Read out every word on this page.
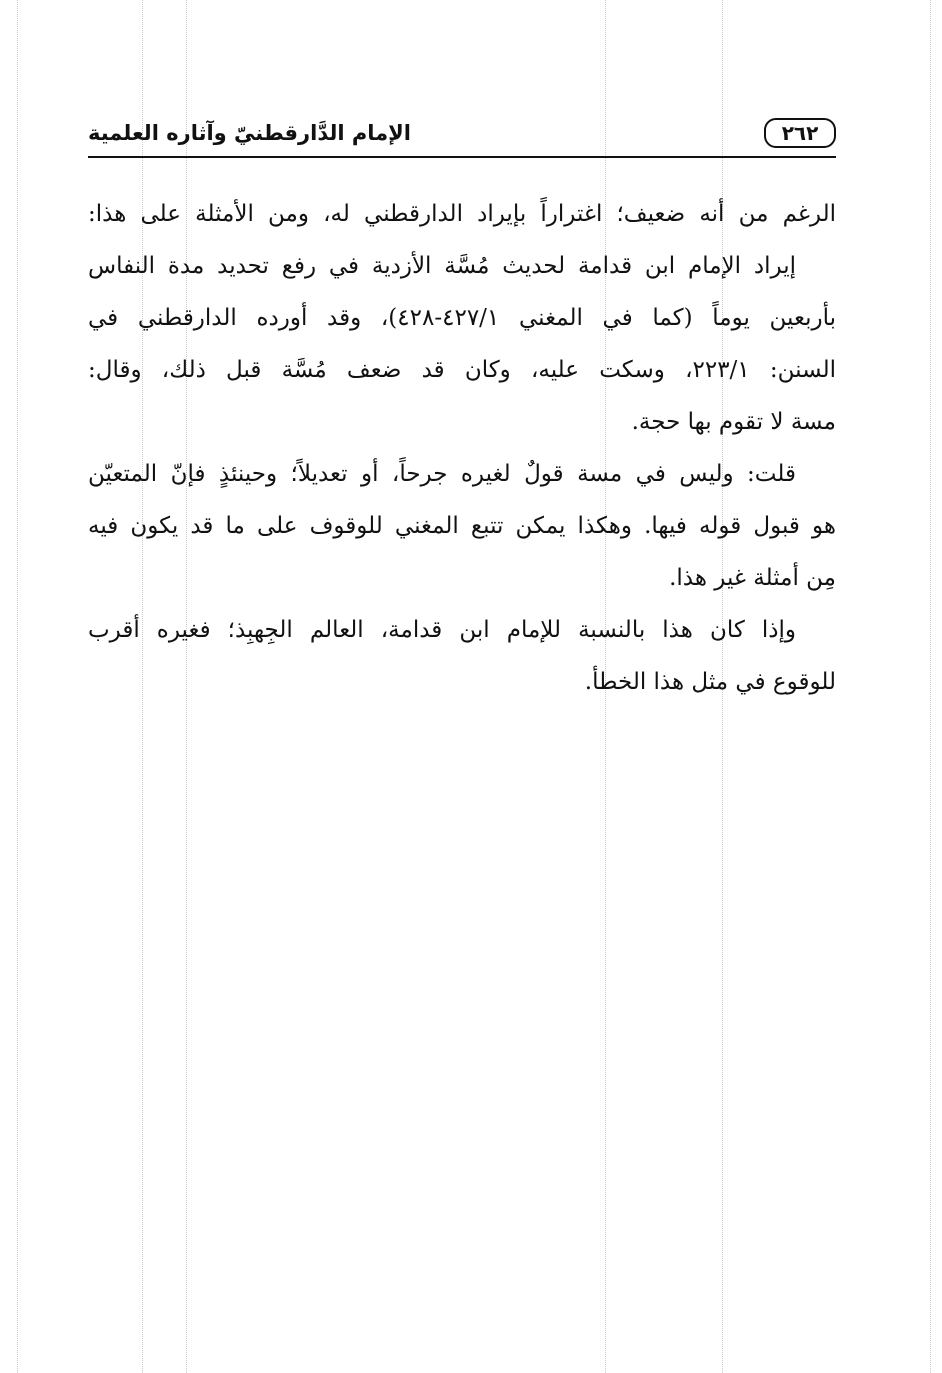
٢٦٢
الإمام الدَّارقطنيّ وآثاره العلمية
الرغم من أنه ضعيف؛ اغتراراً بإيراد الدارقطني له، ومن الأمثلة على هذا:
إيراد الإمام ابن قدامة لحديث مُسَّة الأزدية في رفع تحديد مدة النفاس
بأربعين يوماً (كما في المغني ٤٢٧/١-٤٢٨)، وقد أورده الدارقطني في
السنن: ٢٢٣/١، وسكت عليه، وكان قد ضعف مُسَّة قبل ذلك، وقال:
مسة لا تقوم بها حجة.
قلت: وليس في مسة قولٌ لغيره جرحاً، أو تعديلاً؛ وحينئذٍ فإنّ المتعيّن
هو قبول قوله فيها. وهكذا يمكن تتبع المغني للوقوف على ما قد يكون فيه
مِن أمثلة غير هذا.
وإذا كان هذا بالنسبة للإمام ابن قدامة، العالم الجِهبِذ؛ فغيره أقرب
للوقوع في مثل هذا الخطأ.
